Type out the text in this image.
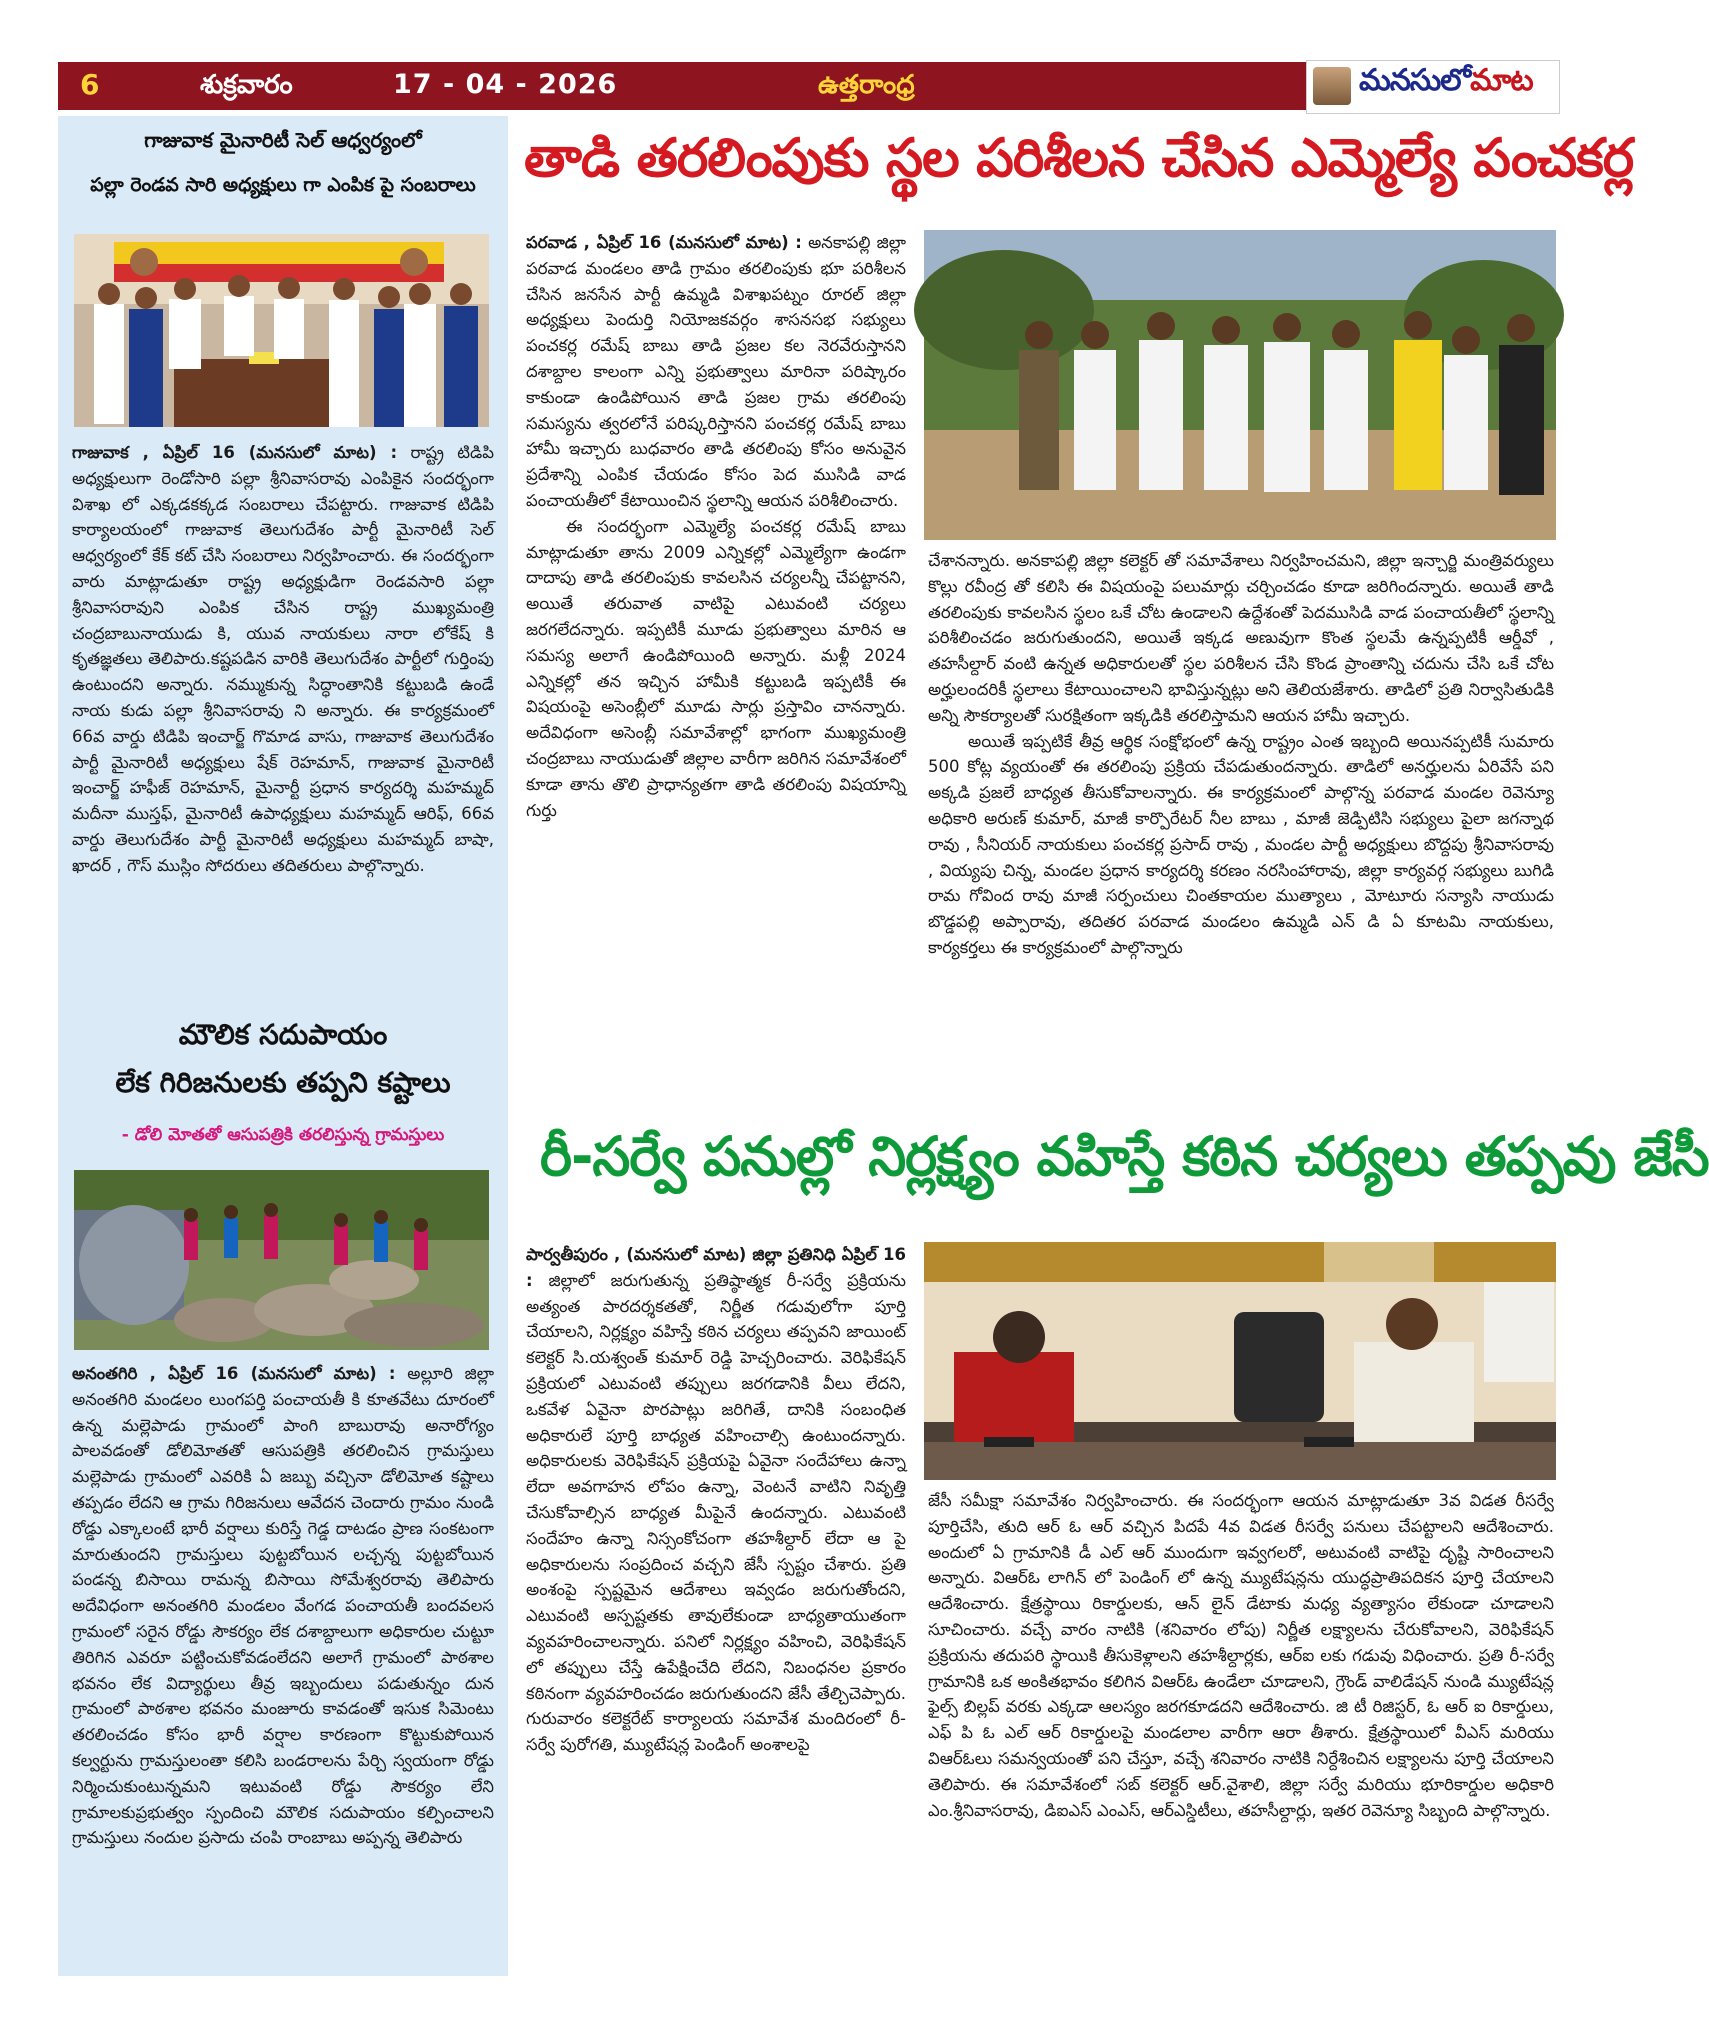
6	శుక్రవారం	17 - 04 - 2026	ఉత్తరాంధ్ర	మనసులోమాట
గాజువాక మైనారిటీ సెల్ ఆధ్వర్యంలో
పల్లా రెండవ సారి అధ్యక్షులు గా ఎంపిక పై సంబరాలు
గాజువాక , ఏప్రిల్ 16 (మనసులో మాట) : రాష్ట్ర టిడిపి అధ్యక్షులుగా రెండోసారి పల్లా శ్రీనివాసరావు ఎంపికైన సందర్భంగా విశాఖ లో ఎక్కడకక్కడ సంబరాలు చేపట్టారు. గాజువాక టిడిపి కార్యాలయంలో గాజువాక తెలుగుదేశం పార్టీ మైనారిటీ సెల్ ఆధ్వర్యంలో కేక్ కట్ చేసి సంబరాలు నిర్వహించారు. ఈ సందర్భంగా వారు మాట్లాడుతూ రాష్ట్ర అధ్యక్షుడిగా రెండవసారి పల్లా శ్రీనివాసరావుని ఎంపిక చేసిన రాష్ట్ర ముఖ్యమంత్రి చంద్రబాబునాయుడు కి, యువ నాయకులు నారా లోకేష్ కి కృతజ్ఞతలు తెలిపారు.కష్టపడిన వారికి తెలుగుదేశం పార్టీలో గుర్తింపు ఉంటుందని అన్నారు. నమ్ముకున్న సిద్ధాంతానికి కట్టుబడి ఉండే నాయ కుడు పల్లా శ్రీనివాసరావు ని అన్నారు. ఈ కార్యక్రమంలో 66వ వార్డు టిడిపి ఇంచార్జ్ గొమాడ వాసు, గాజువాక తెలుగుదేశం పార్టీ మైనారిటీ అధ్యక్షులు షేక్ రెహమాన్, గాజువాక మైనారిటీ ఇంచార్జ్ హఫీజ్ రెహమాన్, మైనార్టీ ప్రధాన కార్యదర్శి మహమ్మద్ మదీనా ముస్తఫ్, మైనారిటీ ఉపాధ్యక్షులు మహమ్మద్ ఆరిఫ్, 66వ వార్డు తెలుగుదేశం పార్టీ మైనారిటీ అధ్యక్షులు మహమ్మద్ బాషా, ఖాదర్ , గౌస్ ముస్లిం సోదరులు తదితరులు పాల్గొన్నారు.
మౌలిక సదుపాయం
లేక గిరిజనులకు తప్పని కష్టాలు
- డోలి మోతతో ఆసుపత్రికి తరలిస్తున్న గ్రామస్తులు
అనంతగిరి , ఏప్రిల్ 16 (మనసులో మాట) : అల్లూరి జిల్లా అనంతగిరి మండలం లుంగపర్తి పంచాయతీ కి కూతవేటు దూరంలో ఉన్న మల్లెపాడు గ్రామంలో పాంగి బాబురావు అనారోగ్యం పాలవడంతో డోలిమోతతో ఆసుపత్రికి తరలించిన గ్రామస్తులు మల్లెపాడు గ్రామంలో ఎవరికి ఏ జబ్బు వచ్చినా డోలిమోత కష్టాలు తప్పడం లేదని ఆ గ్రామ గిరిజనులు ఆవేదన చెందారు గ్రామం నుండి రోడ్డు ఎక్కాలంటే భారీ వర్షాలు కురిస్తే గెడ్డ దాటడం ప్రాణ సంకటంగా మారుతుందని గ్రామస్తులు పుట్టబోయిన లచ్చన్న పుట్టబోయిన పండన్న బిసాయి రామన్న బిసాయి సోమేశ్వరరావు తెలిపారు అదేవిధంగా అనంతగిరి మండలం వేంగడ పంచాయతీ బందవలస గ్రామంలో సరైన రోడ్డు సౌకర్యం లేక దశాబ్దాలుగా అధికారుల చుట్టూ తిరిగిన ఎవరూ పట్టించుకోవడంలేదని అలాగే గ్రామంలో పాఠశాల భవనం లేక విద్యార్థులు తీవ్ర ఇబ్బందులు పడుతున్నం దున గ్రామంలో పాఠశాల భవనం మంజూరు కావడంతో ఇసుక సిమెంటు తరలించడం కోసం భారీ వర్షాల కారణంగా కొట్టుకుపోయిన కల్వర్టును గ్రామస్తులంతా కలిసి బండరాలను పేర్చి స్వయంగా రోడ్డు నిర్మించుకుంటున్నమని ఇటువంటి రోడ్డు సౌకర్యం లేని గ్రామాలకుప్రభుత్వం స్పందించి మౌలిక సదుపాయం కల్పించాలని గ్రామస్తులు నందుల ప్రసాదు చంపి రాంబాబు అప్పన్న తెలిపారు
తాడి తరలింపుకు స్థల పరిశీలన చేసిన ఎమ్మెల్యే పంచకర్ల
పరవాడ , ఏప్రిల్ 16 (మనసులో మాట) : అనకాపల్లి జిల్లా పరవాడ మండలం తాడి గ్రామం తరలింపుకు భూ పరిశీలన చేసిన జనసేన పార్టీ ఉమ్మడి విశాఖపట్నం రూరల్ జిల్లా అధ్యక్షులు పెందుర్తి నియోజకవర్గం శాసనసభ సభ్యులు పంచకర్ల రమేష్ బాబు తాడి ప్రజల కల నెరవేరుస్తానని దశాబ్దాల కాలంగా ఎన్ని ప్రభుత్వాలు మారినా పరిష్కారం కాకుండా ఉండిపోయిన తాడి ప్రజల గ్రామ తరలింపు సమస్యను త్వరలోనే పరిష్కరిస్తానని పంచకర్ల రమేష్ బాబు హామీ ఇచ్చారు బుధవారం తాడి తరలింపు కోసం అనువైన ప్రదేశాన్ని ఎంపిక చేయడం కోసం పెద ముసిడి వాడ పంచాయతీలో కేటాయించిన స్థలాన్ని ఆయన పరిశీలించారు.
ఈ సందర్భంగా ఎమ్మెల్యే పంచకర్ల రమేష్ బాబు మాట్లాడుతూ తాను 2009 ఎన్నికల్లో ఎమ్మెల్యేగా ఉండగా దాదాపు తాడి తరలింపుకు కావలసిన చర్యలన్నీ చేపట్టానని, అయితే తరువాత వాటిపై ఎటువంటి చర్యలు జరగలేదన్నారు. ఇప్పటికీ మూడు ప్రభుత్వాలు మారిన ఆ సమస్య అలాగే ఉండిపోయింది అన్నారు. మళ్లీ 2024 ఎన్నికల్లో తన ఇచ్చిన హామీకి కట్టుబడి ఇప్పటికీ ఈ విషయంపై అసెంబ్లీలో మూడు సార్లు ప్రస్తావిం చానన్నారు. అదేవిధంగా అసెంబ్లీ సమావేశాల్లో భాగంగా ముఖ్యమంత్రి చంద్రబాబు నాయుడుతో జిల్లాల వారీగా జరిగిన సమావేశంలో కూడా తాను తొలి ప్రాధాన్యతగా తాడి తరలింపు విషయాన్ని గుర్తు
చేశానన్నారు. అనకాపల్లి జిల్లా కలెక్టర్ తో సమావేశాలు నిర్వహించమని, జిల్లా ఇన్చార్జి మంత్రివర్యులు కొల్లు రవీంద్ర తో కలిసి ఈ విషయంపై పలుమార్లు చర్చించడం కూడా జరిగిందన్నారు. అయితే తాడి తరలింపుకు కావలసిన స్థలం ఒకే చోట ఉండాలని ఉద్దేశంతో పెదముసిడి వాడ పంచాయతీలో స్థలాన్ని పరిశీలించడం జరుగుతుందని, అయితే ఇక్కడ అణువుగా కొంత స్థలమే ఉన్నప్పటికీ ఆర్డీవో , తహసీల్దార్ వంటి ఉన్నత అధికారులతో స్థల పరిశీలన చేసి కొండ ప్రాంతాన్ని చదును చేసి ఒకే చోట అర్హులందరికీ స్థలాలు కేటాయించాలని భావిస్తున్నట్లు అని తెలియజేశారు. తాడిలో ప్రతి నిర్వాసితుడికి అన్ని సౌకర్యాలతో సురక్షితంగా ఇక్కడికి తరలిస్తామని ఆయన హామీ ఇచ్చారు.
అయితే ఇప్పటికే తీవ్ర ఆర్థిక సంక్షోభంలో ఉన్న రాష్ట్రం ఎంత ఇబ్బంది అయినప్పటికీ సుమారు 500 కోట్ల వ్యయంతో ఈ తరలింపు ప్రక్రియ చేపడుతుందన్నారు. తాడిలో అనర్హులను ఏరివేసే పని అక్కడి ప్రజలే బాధ్యత తీసుకోవాలన్నారు. ఈ కార్యక్రమంలో పాల్గొన్న పరవాడ మండల రెవెన్యూ అధికారి అరుణ్ కుమార్, మాజీ కార్పొరేటర్ నీల బాబు , మాజీ జెడ్పిటిసి సభ్యులు పైలా జగన్నాథ రావు , సీనియర్ నాయకులు పంచకర్ల ప్రసాద్ రావు , మండల పార్టీ అధ్యక్షులు బొద్దపు శ్రీనివాసరావు , వియ్యపు చిన్న, మండల ప్రధాన కార్యదర్శి కరణం నరసింహారావు, జిల్లా కార్యవర్గ సభ్యులు బుగిడి రామ గోవింద రావు మాజీ సర్పంచులు చింతకాయల ముత్యాలు , మోటూరు సన్యాసి నాయుడు బొడ్డపల్లి అప్పారావు, తదితర పరవాడ మండలం ఉమ్మడి ఎన్ డి ఏ కూటమి నాయకులు, కార్యకర్తలు ఈ కార్యక్రమంలో పాల్గొన్నారు
రీ-సర్వే పనుల్లో నిర్లక్ష్యం వహిస్తే కఠిన చర్యలు తప్పవు జేసీ
పార్వతీపురం , (మనసులో మాట) జిల్లా ప్రతినిధి ఏప్రిల్ 16 : జిల్లాలో జరుగుతున్న ప్రతిష్ఠాత్మక రీ-సర్వే ప్రక్రియను అత్యంత పారదర్శకతతో, నిర్ణీత గడువులోగా పూర్తి చేయాలని, నిర్లక్ష్యం వహిస్తే కఠిన చర్యలు తప్పవని జాయింట్ కలెక్టర్ సి.యశ్వంత్ కుమార్ రెడ్డి హెచ్చరించారు. వెరిఫికేషన్ ప్రక్రియలో ఎటువంటి తప్పులు జరగడానికి వీలు లేదని, ఒకవేళ ఏవైనా పొరపాట్లు జరిగితే, దానికి సంబంధిత అధికారులే పూర్తి బాధ్యత వహించాల్సి ఉంటుందన్నారు. అధికారులకు వెరిఫికేషన్ ప్రక్రియపై ఏవైనా సందేహాలు ఉన్నా లేదా అవగాహన లోపం ఉన్నా, వెంటనే వాటిని నివృత్తి చేసుకోవాల్సిన బాధ్యత మీపైనే ఉందన్నారు. ఎటువంటి సందేహం ఉన్నా నిస్సంకోచంగా తహశీల్దార్ లేదా ఆ పై అధికారులను సంప్రదించ వచ్చని జేసీ స్పష్టం చేశారు. ప్రతి అంశంపై స్పష్టమైన ఆదేశాలు ఇవ్వడం జరుగుతోందని, ఎటువంటి అస్పష్టతకు తావులేకుండా బాధ్యతాయుతంగా వ్యవహరించాలన్నారు. పనిలో నిర్లక్ష్యం వహించి, వెరిఫికేషన్ లో తప్పులు చేస్తే ఉపేక్షించేది లేదని, నిబంధనల ప్రకారం కఠినంగా వ్యవహరించడం జరుగుతుందని జేసీ తేల్చిచెప్పారు. గురువారం కలెక్టరేట్ కార్యాలయ సమావేశ మందిరంలో రీ-సర్వే పురోగతి, మ్యుటేషన్ల పెండింగ్ అంశాలపై
జేసీ సమీక్షా సమావేశం నిర్వహించారు. ఈ సందర్భంగా ఆయన మాట్లాడుతూ 3వ విడత రీసర్వే పూర్తిచేసి, తుది ఆర్ ఓ ఆర్ వచ్చిన పిదపే 4వ విడత రీసర్వే పనులు చేపట్టాలని ఆదేశించారు. అందులో ఏ గ్రామానికి డీ ఎల్ ఆర్ ముందుగా ఇవ్వగలరో, అటువంటి వాటిపై దృష్టి సారించాలని అన్నారు. విఆర్ఓ లాగిన్ లో పెండింగ్ లో ఉన్న మ్యుటేషన్లను యుద్ధప్రాతిపదికన పూర్తి చేయాలని ఆదేశించారు. క్షేత్రస్థాయి రికార్డులకు, ఆన్ లైన్ డేటాకు మధ్య వ్యత్యాసం లేకుండా చూడాలని సూచించారు. వచ్చే వారం నాటికి (శనివారం లోపు) నిర్ణీత లక్ష్యాలను చేరుకోవాలని, వెరిఫికేషన్ ప్రక్రియను తదుపరి స్థాయికి తీసుకెళ్లాలని తహశీల్దార్లకు, ఆర్ఐ లకు గడువు విధించారు. ప్రతి రీ-సర్వే గ్రామానికి ఒక అంకితభావం కలిగిన విఆర్ఓ ఉండేలా చూడాలని, గ్రౌండ్ వాలిడేషన్ నుండి మ్యుటేషన్ల ఫైల్స్ బిల్లప్ వరకు ఎక్కడా ఆలస్యం జరగకూడదని ఆదేశించారు. జి టీ రిజిస్టర్, ఓ ఆర్ ఐ రికార్డులు, ఎఫ్ పి ఓ ఎల్ ఆర్ రికార్డులపై మండలాల వారీగా ఆరా తీశారు. క్షేత్రస్థాయిలో వీఎస్ మరియు విఆర్ఓలు సమన్వయంతో పని చేస్తూ, వచ్చే శనివారం నాటికి నిర్దేశించిన లక్ష్యాలను పూర్తి చేయాలని తెలిపారు. ఈ సమావేశంలో సబ్ కలెక్టర్ ఆర్.వైశాలి, జిల్లా సర్వే మరియు భూరికార్డుల అధికారి ఎం.శ్రీనివాసరావు, డిఐఎస్ ఎంఎస్, ఆర్ఎస్డిటీలు, తహసీల్దార్లు, ఇతర రెవెన్యూ సిబ్బంది పాల్గొన్నారు.
